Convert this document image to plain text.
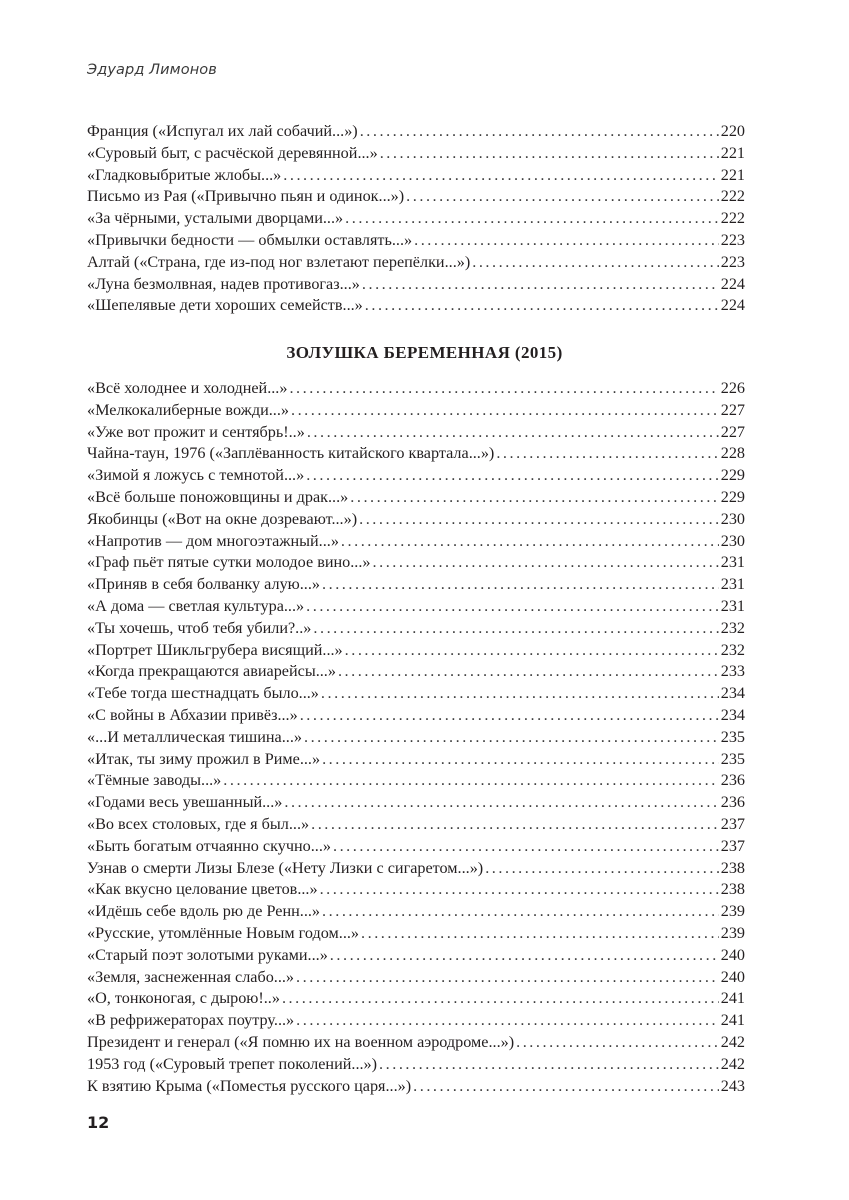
Эдуард Лимонов
Франция («Испугал их лай собачий...») . . .	220
«Суровый быт, с расчёской деревянной...» . . .	221
«Гладковыбритые жлобы...» . . .	221
Письмо из Рая («Привычно пьян и одинок...») . . .	222
«За чёрными, усталыми дворцами...» . . .	222
«Привычки бедности — обмылки оставлять...» . . .	223
Алтай («Страна, где из-под ног взлетают перепёлки...») . . .	223
«Луна безмолвная, надев противогаз...» . . .	224
«Шепелявые дети хороших семейств...» . . .	224
ЗОЛУШКА БЕРЕМЕННАЯ (2015)
«Всё холоднее и холодней...» . . .	226
«Мелкокалиберные вожди...» . . .	227
«Уже вот прожит и сентябрь!..» . . .	227
Чайна-таун, 1976 («Заплёванность китайского квартала...») . . .	228
«Зимой я ложусь с темнотой...» . . .	229
«Всё больше поножовщины и драк...» . . .	229
Якобинцы («Вот на окне дозревают...») . . .	230
«Напротив — дом многоэтажный...» . . .	230
«Граф пьёт пятые сутки молодое вино...» . . .	231
«Приняв в себя болванку алую...» . . .	231
«А дома — светлая культура...» . . .	231
«Ты хочешь, чтоб тебя убили?..» . . .	232
«Портрет Шикльгрубера висящий...» . . .	232
«Когда прекращаются авиарейсы...» . . .	233
«Тебе тогда шестнадцать было...» . . .	234
«С войны в Абхазии привёз...» . . .	234
«...И металлическая тишина...» . . .	235
«Итак, ты зиму прожил в Риме...» . . .	235
«Тёмные заводы...» . . .	236
«Годами весь увешанный...» . . .	236
«Во всех столовых, где я был...» . . .	237
«Быть богатым отчаянно скучно...» . . .	237
Узнав о смерти Лизы Блезе («Нету Лизки с сигаретом...») . . .	238
«Как вкусно целование цветов...» . . .	238
«Идёшь себе вдоль рю де Ренн...» . . .	239
«Русские, утомлённые Новым годом...» . . .	239
«Старый поэт золотыми руками...» . . .	240
«Земля, заснеженная слабо...» . . .	240
«О, тонконогая, с дырою!..» . . .	241
«В рефрижераторах поутру...» . . .	241
Президент и генерал («Я помню их на военном аэродроме...») . . .	242
1953 год («Суровый трепет поколений...») . . .	242
К взятию Крыма («Поместья русского царя...») . . .	243
12
